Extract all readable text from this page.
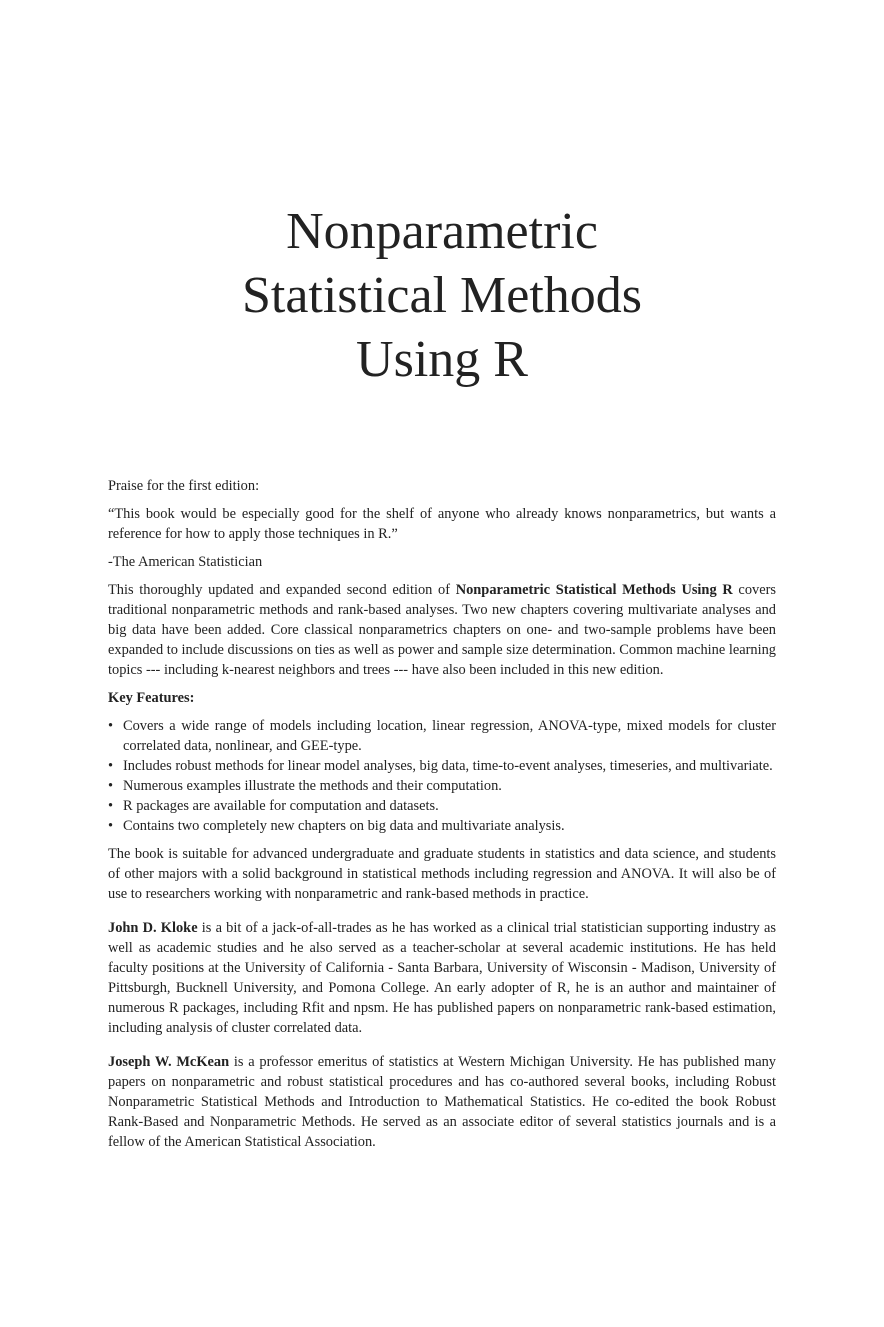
Nonparametric
Statistical Methods
Using R

Praise for the first edition:

“This book would be especially good for the shelf of anyone who already knows nonparametrics, but wants a reference for how to apply those techniques in R.”

-The American Statistician

This thoroughly updated and expanded second edition of Nonparametric Statistical Methods Using R covers traditional nonparametric methods and rank-based analyses. Two new chapters covering multivariate analyses and big data have been added. Core classical nonparametrics chapters on one- and two-sample problems have been expanded to include discussions on ties as well as power and sample size determination. Common machine learning topics --- including k-nearest neighbors and trees --- have also been included in this new edition.

Key Features:

• Covers a wide range of models including location, linear regression, ANOVA-type, mixed models for cluster correlated data, nonlinear, and GEE-type.
• Includes robust methods for linear model analyses, big data, time-to-event analyses, timeseries, and multivariate.
• Numerous examples illustrate the methods and their computation.
• R packages are available for computation and datasets.
• Contains two completely new chapters on big data and multivariate analysis.

The book is suitable for advanced undergraduate and graduate students in statistics and data science, and students of other majors with a solid background in statistical methods including regression and ANOVA. It will also be of use to researchers working with nonparametric and rank-based methods in practice.

John D. Kloke is a bit of a jack-of-all-trades as he has worked as a clinical trial statistician supporting industry as well as academic studies and he also served as a teacher-scholar at several academic institutions. He has held faculty positions at the University of California - Santa Barbara, University of Wisconsin - Madison, University of Pittsburgh, Bucknell University, and Pomona College. An early adopter of R, he is an author and maintainer of numerous R packages, including Rfit and npsm. He has published papers on nonparametric rank-based estimation, including analysis of cluster correlated data.

Joseph W. McKean is a professor emeritus of statistics at Western Michigan University. He has published many papers on nonparametric and robust statistical procedures and has co-authored several books, including Robust Nonparametric Statistical Methods and Introduction to Mathematical Statistics. He co-edited the book Robust Rank-Based and Nonparametric Methods. He served as an associate editor of several statistics journals and is a fellow of the American Statistical Association.
